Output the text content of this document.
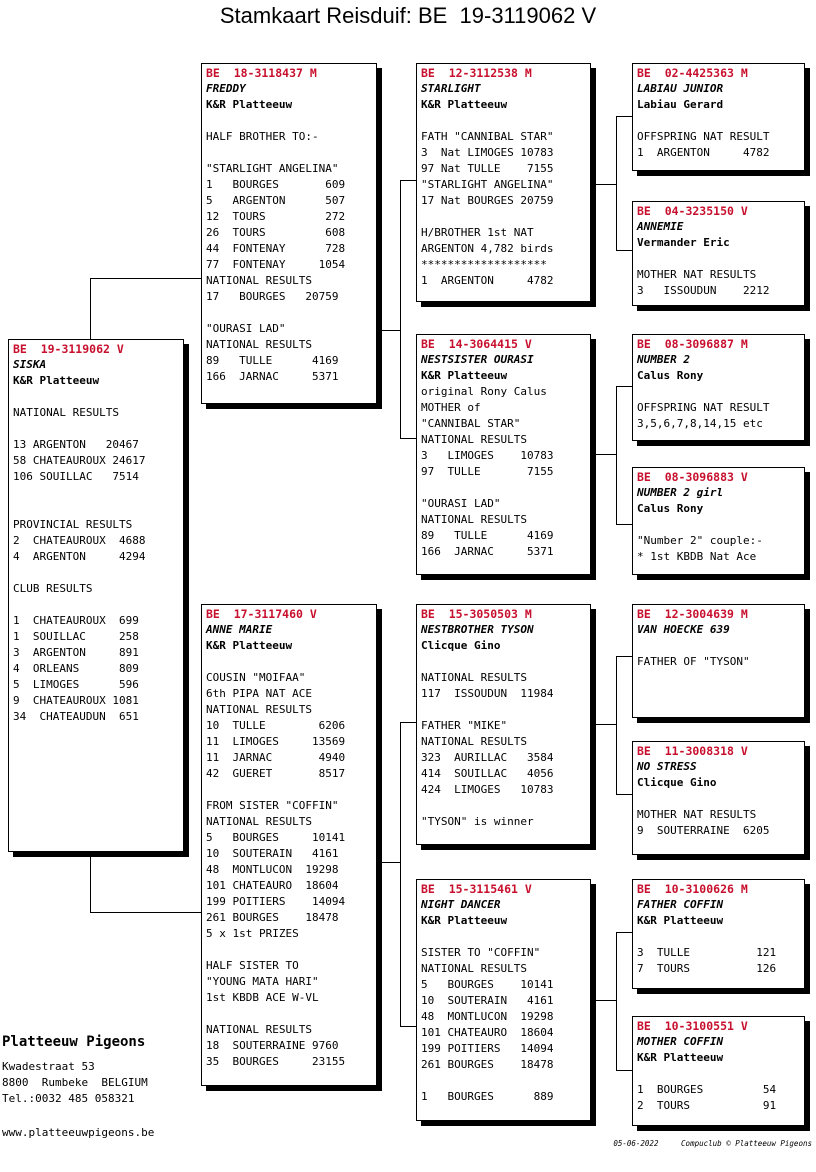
Stamkaart Reisduif: BE  19-3119062 V
BE  19-3119062 V
SISKA
K&R Platteeuw
NATIONAL RESULTS
13 ARGENTON   20467
58 CHATEAUROUX 24617
106 SOUILLAC   7514
PROVINCIAL RESULTS
2  CHATEAUROUX  4688
4  ARGENTON     4294
CLUB RESULTS
1  CHATEAUROUX  699
1  SOUILLAC     258
3  ARGENTON     891
4  ORLEANS      809
5  LIMOGES      596
9  CHATEAUROUX 1081
34  CHATEAUDUN  651
BE  18-3118437 M
FREDDY
K&R Platteeuw
HALF BROTHER TO:-
"STARLIGHT ANGELINA"
1   BOURGES       609
5   ARGENTON      507
12  TOURS         272
26  TOURS         608
44  FONTENAY      728
77  FONTENAY     1054
NATIONAL RESULTS
17   BOURGES   20759
"OURASI LAD"
NATIONAL RESULTS
89   TULLE      4169
166  JARNAC     5371
BE  17-3117460 V
ANNE MARIE
K&R Platteeuw
COUSIN "MOIFAA"
6th PIPA NAT ACE
NATIONAL RESULTS
10  TULLE        6206
11  LIMOGES     13569
11  JARNAC       4940
42  GUERET       8517
FROM SISTER "COFFIN"
NATIONAL RESULTS
5   BOURGES     10141
10  SOUTERAIN   4161
48  MONTLUCON  19298
101 CHATEAURO  18604
199 POITIERS    14094
261 BOURGES    18478
5 x 1st PRIZES
HALF SISTER TO
"YOUNG MATA HARI"
1st KBDB ACE W-VL
NATIONAL RESULTS
18  SOUTERRAINE 9760
35  BOURGES     23155
BE  12-3112538 M
STARLIGHT
K&R Platteeuw
FATH "CANNIBAL STAR"
3  Nat LIMOGES 10783
97 Nat TULLE    7155
"STARLIGHT ANGELINA"
17 Nat BOURGES 20759
H/BROTHER 1st NAT
ARGENTON 4,782 birds
*******************
1  ARGENTON     4782
BE  14-3064415 V
NESTSISTER OURASI
K&R Platteeuw
original Rony Calus
MOTHER of
"CANNIBAL STAR"
NATIONAL RESULTS
3   LIMOGES    10783
97  TULLE       7155
"OURASI LAD"
NATIONAL RESULTS
89   TULLE      4169
166  JARNAC     5371
BE  15-3050503 M
NESTBROTHER TYSON
Clicque Gino
NATIONAL RESULTS
117  ISSOUDUN  11984
FATHER "MIKE"
NATIONAL RESULTS
323  AURILLAC   3584
414  SOUILLAC   4056
424  LIMOGES   10783
"TYSON" is winner
BE  15-3115461 V
NIGHT DANCER
K&R Platteeuw
SISTER TO "COFFIN"
NATIONAL RESULTS
5   BOURGES    10141
10  SOUTERAIN   4161
48  MONTLUCON  19298
101 CHATEAURO  18604
199 POITIERS   14094
261 BOURGES    18478
1   BOURGES      889
BE  02-4425363 M
LABIAU JUNIOR
Labiau Gerard
OFFSPRING NAT RESULT
1  ARGENTON     4782
BE  04-3235150 V
ANNEMIE
Vermander Eric
MOTHER NAT RESULTS
3   ISSOUDUN    2212
BE  08-3096887 M
NUMBER 2
Calus Rony
OFFSPRING NAT RESULT
3,5,6,7,8,14,15 etc
BE  08-3096883 V
NUMBER 2 girl
Calus Rony
"Number 2" couple:-
* 1st KBDB Nat Ace
BE  12-3004639 M
VAN HOECKE 639
FATHER OF "TYSON"
BE  11-3008318 V
NO STRESS
Clicque Gino
MOTHER NAT RESULTS
9  SOUTERRAINE  6205
BE  10-3100626 M
FATHER COFFIN
K&R Platteeuw
3  TULLE          121
7  TOURS          126
BE  10-3100551 V
MOTHER COFFIN
K&R Platteeuw
1  BOURGES         54
2  TOURS           91
Platteeuw Pigeons
Kwadestraat 53
8800  Rumbeke  BELGIUM
Tel.:0032 485 058321
www.platteeuwpigeons.be
05-06-2022	Compuclub © Platteeuw Pigeons
